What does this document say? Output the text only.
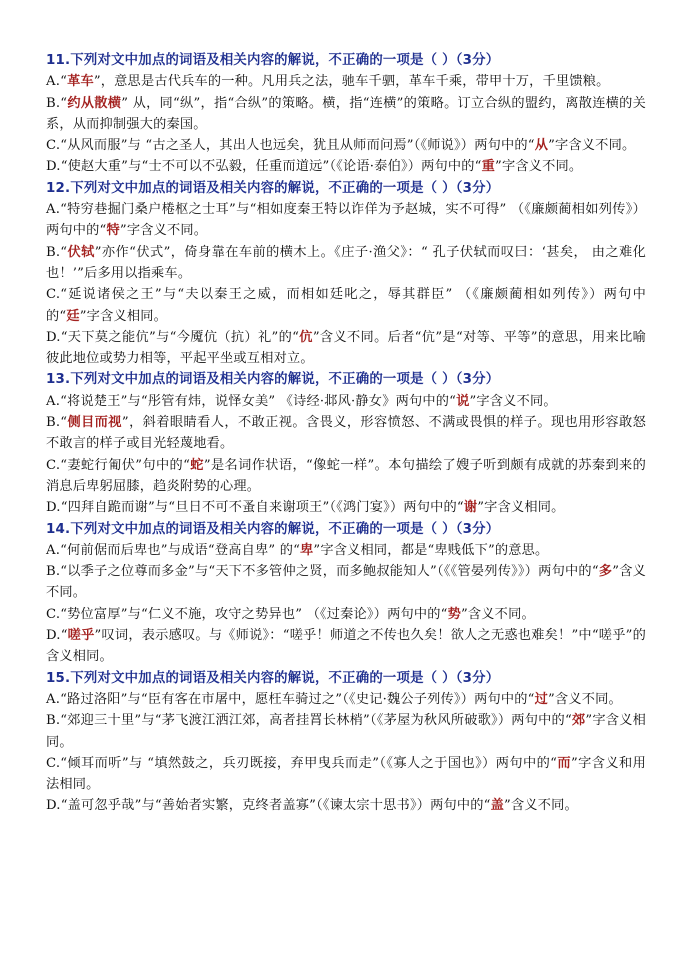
11.下列对文中加点的词语及相关内容的解说，不正确的一项是（ ）（3分）

A.“革车”，意思是古代兵车的一种。凡用兵之法，驰车千驷，革车千乘，带甲十万，千里馈粮。

B.“约从散横” 从，同“纵”，指“合纵”的策略。横，指“连横”的策略。订立合纵的盟约，离散连横的关系，从而抑制强大的秦国。

C.“从风而服”与 “古之圣人，其出人也远矣，犹且从师而问焉”（《师说》）两句中的“从”字含义不同。

D.“使赵大重”与“士不可以不弘毅，任重而道远”（《论语·泰伯》）两句中的“重”字含义不同。

12.下列对文中加点的词语及相关内容的解说，不正确的一项是（ ）（3分）

A.“特穷巷掘门桑户棬枢之士耳”与“相如度秦王特以诈佯为予赵城，实不可得” （《廉颇蔺相如列传》）两句中的“特”字含义不同。

B.“伏轼”亦作“伏式”，倚身靠在车前的横木上。《庄子·渔父》：“ 孔子伏轼而叹曰：‘甚矣， 由之难化也！’”后多用以指乘车。

C.“延说诸侯之王”与“夫以秦王之威，而相如廷叱之，辱其群臣” （《廉颇蔺相如列传》）两句中的“廷”字含义相同。

D.“天下莫之能伉”与“今魇伉（抗）礼”的“伉”含义不同。后者“伉”是“对等、平等”的意思，用来比喻彼此地位或势力相等，平起平坐或互相对立。

13.下列对文中加点的词语及相关内容的解说，不正确的一项是（ ）（3分）

A.“将说楚王”与“彤管有炜，说怿女美” 《诗经·邶风·静女》两句中的“说”字含义不同。

B.“侧目而视”，斜着眼睛看人，不敢正视。含畏义，形容愤怒、不满或畏惧的样子。现也用形容敢怒不敢言的样子或目光轻蔑地看。

C.“妻蛇行匍伏”句中的“蛇”是名词作状语，“像蛇一样”。本句描绘了嫂子听到颇有成就的苏秦到来的消息后卑躬屈膝，趋炎附势的心理。

D.“四拜自跪而谢”与“旦日不可不蚤自来谢项王”（《鸿门宴》）两句中的“谢”字含义相同。

14.下列对文中加点的词语及相关内容的解说，不正确的一项是（ ）（3分）

A.“何前倨而后卑也”与成语“登高自卑” 的“卑”字含义相同，都是“卑贱低下”的意思。

B.“以季子之位尊而多金”与“天下不多管仲之贤，而多鲍叔能知人”（《《管晏列传》》）两句中的“多”含义不同。

C.“势位富厚”与“仁义不施，攻守之势异也” （《过秦论》）两句中的“势”含义不同。

D.“嗟乎”叹词，表示感叹。与《师说》：“嗟乎！师道之不传也久矣！欲人之无惑也难矣！”中“嗟乎”的含义相同。

15.下列对文中加点的词语及相关内容的解说，不正确的一项是（ ）（3分）

A.“路过洛阳”与“臣有客在市屠中，愿枉车骑过之”（《史记·魏公子列传》）两句中的“过”含义不同。

B.“郊迎三十里”与“茅飞渡江洒江郊，高者挂罥长林梢”（《茅屋为秋风所破歌》）两句中的“郊”字含义相同。

C.“倾耳而听”与 “填然鼓之，兵刃既接，弃甲曳兵而走”（《寡人之于国也》）两句中的“而”字含义和用法相同。

D.“盖可忽乎哉”与“善始者实繁，克终者盖寡”（《谏太宗十思书》）两句中的“盖”含义不同。
